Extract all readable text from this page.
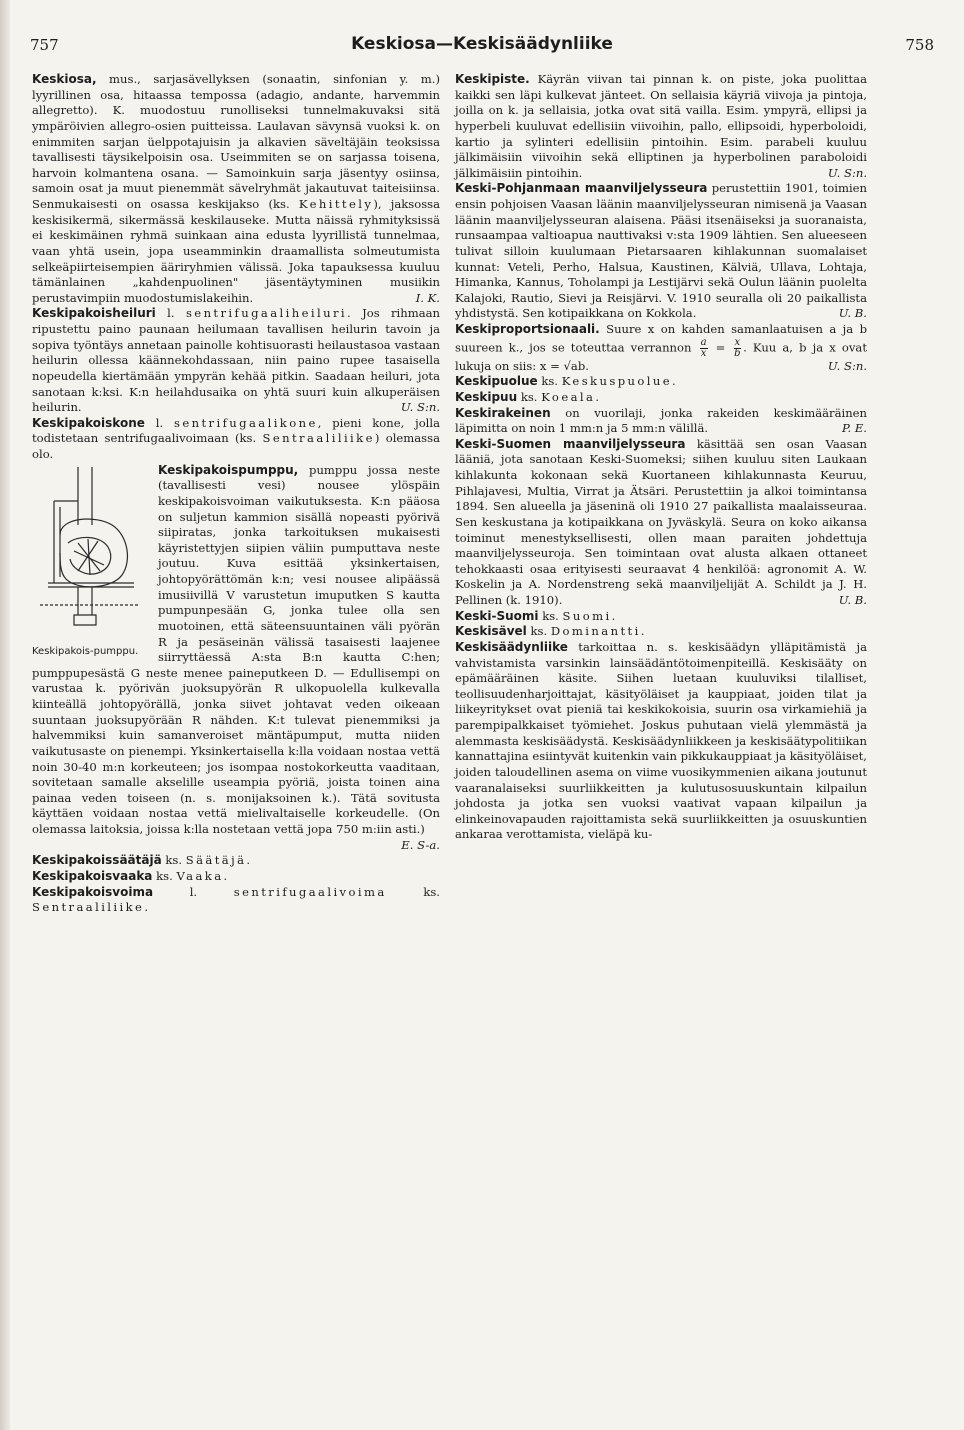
757	Keskiosa—Keskisäädynliike	758

Keskiosa, mus., sarjasävellyksen (sonaatin, sinfonian y. m.) lyyrillinen osa, hitaassa tempossa (adagio, andante, harvemmin allegretto). K. muodostuu runolliseksi tunnelmakuvaksi sitä ympäröivien allegro-osien puitteissa. Laulavan sävynsä vuoksi k. on enimmiten sarjan üelppotajuisin ja alkavien säveltäjäin teoksissa tavallisesti täysikelpoisin osa. Useimmiten se on sarjassa toisena, harvoin kolmantena osana. — Samoinkuin sarja jäsentyy osiinsa, samoin osat ja muut pienemmät sävelryhmät jakautuvat taiteisiinsa. Senmukaisesti on osassa keskijakso (ks. Kehittely), jaksossa keskisikermä, sikermässä keskilauseke. Mutta näissä ryhmityksissä ei keskimäinen ryhmä suinkaan aina edusta lyyrillistä tunnelmaa, vaan yhtä usein, jopa useamminkin draamallista solmeutumista selkeäpiirteisempien ääriryhmien välissä. Joka tapauksessa kuuluu tämänlainen „kahdenpuolinen" jäsentäytyminen musiikin perustavimpiin muodostumislakeihin.	I. K.

Keskipakoisheiluri l. sentrifugaaliheiluri. Jos rihmaan ripustettu paino paunaan heilumaan tavallisen heilurin tavoin ja sopiva työntäys annetaan painolle kohtisuorasti heilaustasoa vastaan heilurin ollessa käännekohdassaan, niin paino rupee tasaisella nopeudella kiertämään ympyrän kehää pitkin. Saadaan heiluri, jota sanotaan k:ksi. K:n heilahdusaika on yhtä suuri kuin alkuperäisen heilurin.	U. S:n.

Keskipakoiskone l. sentrifugaalikone, pieni kone, jolla todistetaan sentrifugaalivoimaan (ks. Sentraaliliike) olemassa olo.

Keskipakoispumppu,
Keskipakois-pumppu.
pumppu jossa neste (tavallisesti vesi) nousee ylöspäin keskipakoisvoiman vaikutuksesta. K:n pääosa on suljetun kammion sisällä nopeasti pyörivä siipiratas, jonka tarkoituksen mukaisesti käyristettyjen siipien väliin pumputtava neste joutuu. Kuva esittää yksinkertaisen, johtopyörättömän k:n; vesi nousee alipäässä imusiivillä V varustetun imuputken S kautta pumpunpesään G, jonka tulee olla sen muotoinen, että säteensuuntainen väli pyörän R ja pesäseinän välissä tasaisesti laajenee siirryttäessä A:sta B:n kautta C:hen; pumppupesästä G neste menee paineputkeen D. — Edullisempi on varustaa k. pyörivän juoksupyörän R ulkopuolella kulkevalla kiinteällä johtopyörällä, jonka siivet johtavat veden oikeaan suuntaan juoksupyörään R nähden. K:t tulevat pienemmiksi ja halvemmiksi kuin samanveroiset mäntäpumput, mutta niiden vaikutusaste on pienempi. Yksinkertaisella k:lla voidaan nostaa vettä noin 30-40 m:n korkeuteen; jos isompaa nostokorkeutta vaaditaan, sovitetaan samalle akselille useampia pyöriä, joista toinen aina painaa veden toiseen (n. s. monijaksoinen k.). Tätä sovitusta käyttäen voidaan nostaa vettä mielivaltaiselle korkeudelle. (On olemassa laitoksia, joissa k:lla nostetaan vettä jopa 750 m:iin asti.)
E. S-a.

Keskipakoissäätäjä ks. Säätäjä.

Keskipakoisvaaka ks. Vaaka.

Keskipakoisvoima	l.	sentrifugaalivoima	ks. Sentraaliliike.

Keskipiste. Käyrän viivan tai pinnan k. on piste, joka puolittaa kaikki sen läpi kulkevat jänteet. On sellaisia käyriä viivoja ja pintoja, joilla on k. ja sellaisia, jotka ovat sitä vailla. Esim. ympyrä, ellipsi ja hyperbeli kuuluvat edellisiin viivoihin, pallo, ellipsoidi, hyperboloidi, kartio ja sylinteri edellisiin pintoihin. Esim. parabeli kuuluu jälkimäisiin viivoihin sekä elliptinen ja hyperbolinen paraboloidi jälkimäisiin pintoihin.	U. S:n.

Keski-Pohjanmaan maanviljelysseura perustettiin 1901, toimien ensin pohjoisen Vaasan läänin maanviljelysseuran nimisenä ja Vaasan läänin maanviljelysseuran alaisena. Pääsi itsenäiseksi ja suoranaista, runsaampaa valtioapua nauttivaksi v:sta 1909 lähtien. Sen alueeseen tulivat silloin kuulumaan Pietarsaaren kihlakunnan suomalaiset kunnat: Veteli, Perho, Halsua, Kaustinen, Kälviä, Ullava, Lohtaja, Himanka, Kannus, Toholampi ja Lestijärvi sekä Oulun läänin puolelta Kalajoki, Rautio, Sievi ja Reisjärvi. V. 1910 seuralla oli 20 paikallista yhdistystä. Sen kotipaikkana on Kokkola.	U. B.

Keskiproportsionaali. Suure x on kahden samanlaatuisen a ja b suureen k., jos se toteuttaa verrannon $\frac{a}{x} = \frac{x}{b}$ . Kuu a, b ja x ovat lukuja on siis: x = √ab.	U. S:n.

Keskipuolue ks. Keskuspuolue.

Keskipuu ks. Koeala.

Keskirakeinen on vuorilaji, jonka rakeiden keskimääräinen läpimitta on noin 1 mm:n ja 5 mm:n välillä.	P. E.

Keski-Suomen maanviljelysseura käsittää sen osan Vaasan lääniä, jota sanotaan Keski-Suomeksi; siihen kuuluu siten Laukaan kihlakunta kokonaan sekä Kuortaneen kihlakunnasta Keuruu, Pihlajavesi, Multia, Virrat ja Ätsäri. Perustettiin ja alkoi toimintansa 1894. Sen alueella ja jäseninä oli 1910 27 paikallista maalaisseuraa. Sen keskustana ja kotipaikkana on Jyväskylä. Seura on koko aikansa toiminut menestyksellisesti, ollen maan paraiten johdettuja maanviljelysseuroja. Sen toimintaan ovat alusta alkaen ottaneet tehokkaasti osaa erityisesti seuraavat 4 henkilöä: agronomit A. W. Koskelin ja A. Nordenstreng sekä maanviljelijät A. Schildt ja J. H. Pellinen (k. 1910).	U. B.

Keski-Suomi ks. Suomi.

Keskisävel ks. Dominantti.

Keskisäädynliike tarkoittaa n. s. keskisäädyn ylläpitämistä ja vahvistamista varsinkin lainsäädäntötoimenpiteillä. Keskisääty on epämääräinen käsite. Siihen luetaan kuuluviksi tilalliset, teollisuudenharjoittajat, käsityöläiset ja kauppiaat, joiden tilat ja liikeyritykset ovat pieniä tai keskikokoisia, suurin osa virkamiehiä ja parempipalkkaiset työmiehet. Joskus puhutaan vielä ylemmästä ja alemmasta keskisäädystä. Keskisäädynliikkeen ja keskisäätypolitiikan kannattajina esiintyvät kuitenkin vain pikkukauppiaat ja käsityöläiset, joiden taloudellinen asema on viime vuosikymmenien aikana joutunut vaaranalaiseksi suurliikkeitten ja kulutusosuuskuntain kilpailun johdosta ja jotka sen vuoksi vaativat vapaan kilpailun ja elinkeinovapauden rajoittamista sekä suurliikkeitten ja osuuskuntien ankaraa verottamista, vieläpä ku-
